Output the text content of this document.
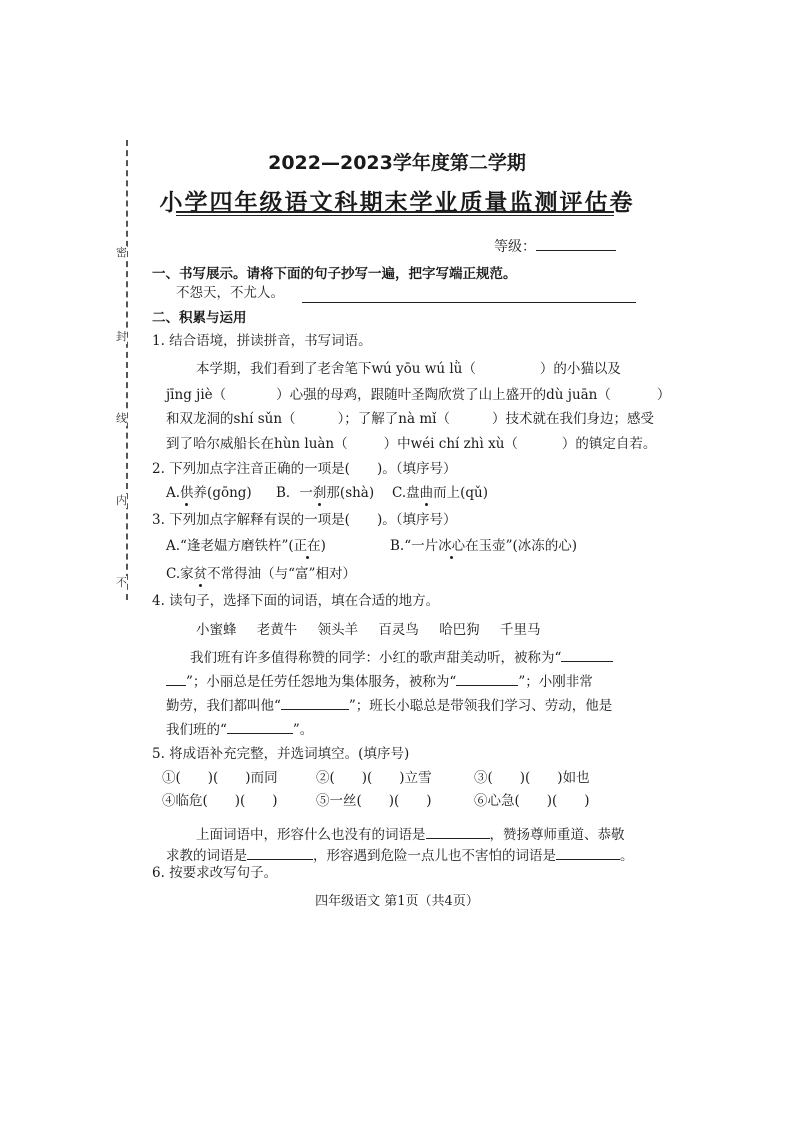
密
封
线
内
不
2022—2023学年度第二学期
小学四年级语文科期末学业质量监测评估卷
等级：
一、书写展示。请将下面的句子抄写一遍，把字写端正规范。
不怨天，不尤人。
二、积累与运用
1. 结合语境，拼读拼音，书写词语。
本学期，我们看到了老舍笔下wú yōu wú lǜ（	）的小猫以及
jīng jiè（	）心强的母鸡，跟随叶圣陶欣赏了山上盛开的dù juān（	）
和双龙洞的shí sǔn（	）；了解了nà mǐ（	）技术就在我们身边；感受
到了哈尔威船长在hùn luàn（	）中wéi chí zhì xù（	）的镇定自若。
2. 下列加点字注音正确的一项是(　　)。（填序号）
A.供养(gōng) B．一刹那(shà) C.盘曲而上(qǔ)
3. 下列加点字解释有误的一项是(　　)。（填序号）
A.“逢老媪方磨铁杵”(正在)	B.“一片冰心在玉壶”(冰冻的心)
C.家贫不常得油（与“富”相对）
4. 读句子，选择下面的词语，填在合适的地方。
小蜜蜂 老黄牛 领头羊 百灵鸟 哈巴狗 千里马
我们班有许多值得称赞的同学：小红的歌声甜美动听，被称为“
”；小丽总是任劳任怨地为集体服务，被称为“	”；小刚非常
勤劳，我们都叫他“	”；班长小聪总是带领我们学习、劳动，他是
我们班的“	”。
5. 将成语补充完整，并选词填空。(填序号)
①(　　)(　　)而同	②(　　)(　　)立雪	③(　　)(　　)如也
④临危(　　)(　　)	⑤一丝(　　)(　　)	⑥心急(　　)(　　)
上面词语中，形容什么也没有的词语是	，赞扬尊师重道、恭敬
求教的词语是	，形容遇到危险一点儿也不害怕的词语是	。
6. 按要求改写句子。
四年级语文 第1页（共4页）
